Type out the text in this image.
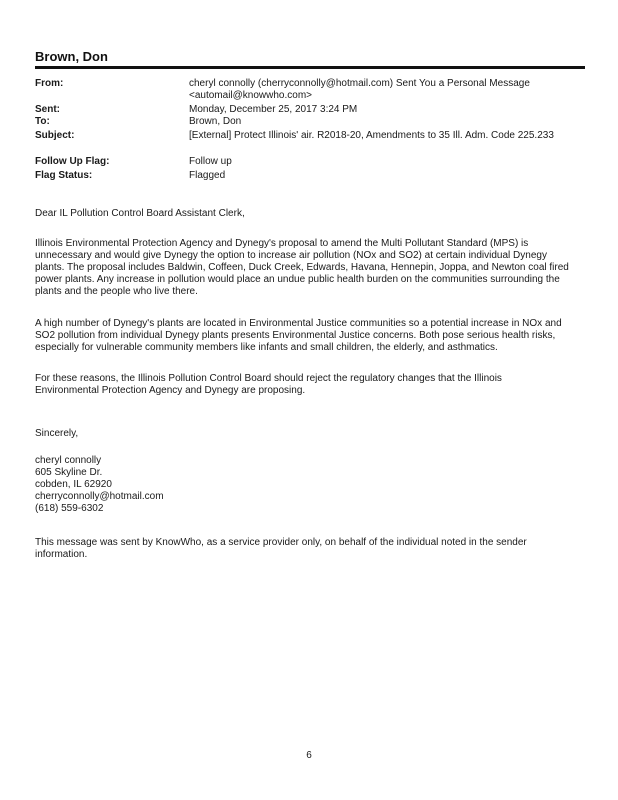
Brown, Don
From:	cheryl connolly (cherryconnolly@hotmail.com) Sent You a Personal Message
<automail@knowwho.com>
Sent:	Monday, December 25, 2017 3:24 PM
To:	Brown, Don
Subject:	[External] Protect Illinois' air. R2018-20, Amendments to 35 Ill. Adm. Code 225.233
Follow Up Flag:	Follow up
Flag Status:	Flagged
Dear IL Pollution Control Board Assistant Clerk,

Illinois Environmental Protection Agency and Dynegy's proposal to amend the Multi Pollutant Standard (MPS) is

unnecessary and would give Dynegy the option to increase air pollution (NOx and SO2) at certain individual Dynegy

plants. The proposal includes Baldwin, Coffeen, Duck Creek, Edwards, Havana, Hennepin, Joppa, and Newton coal fired

power plants. Any increase in pollution would place an undue public health burden on the communities surrounding the

plants and the people who live there.

A high number of Dynegy's plants are located in Environmental Justice communities so a potential increase in NOx and

SO2 pollution from individual Dynegy plants presents Environmental Justice concerns. Both pose serious health risks,

especially for vulnerable community members like infants and small children, the elderly, and asthmatics.

For these reasons, the Illinois Pollution Control Board should reject the regulatory changes that the Illinois

Environmental Protection Agency and Dynegy are proposing.

Sincerely,

cheryl connolly

605 Skyline Dr.

cobden, IL 62920

cherryconnolly@hotmail.com

(618) 559-6302

This message was sent by KnowWho, as a service provider only, on behalf of the individual noted in the sender

information.

6
